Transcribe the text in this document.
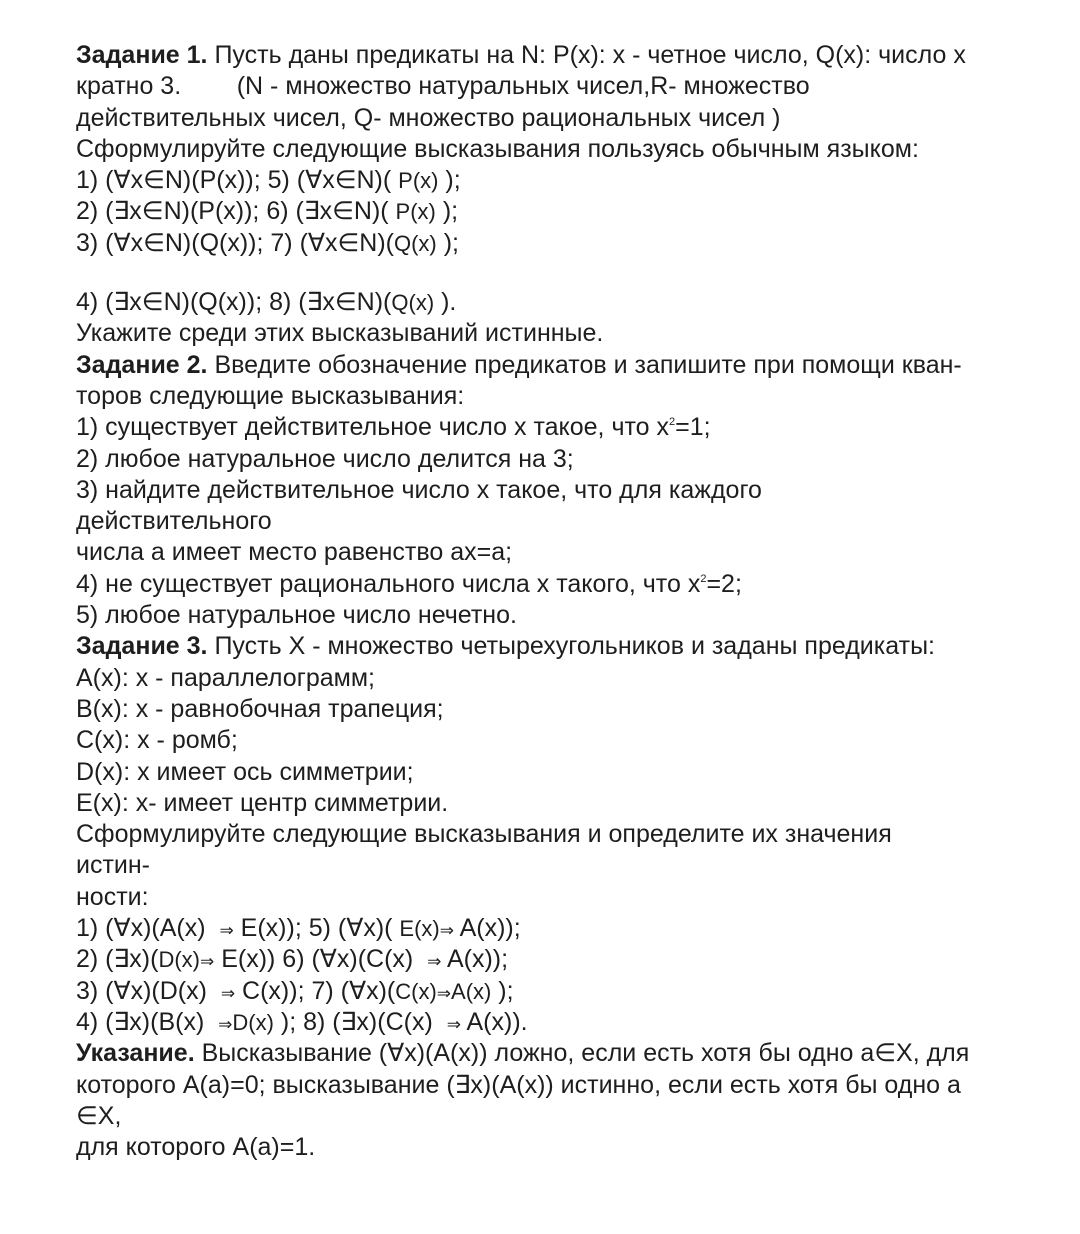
Задание 1. Пусть даны предикаты на N: P(x): x - четное число, Q(x): число x
кратно 3.        (N - множество натуральных чисел,R- множество
действительных чисел, Q- множество рациональных чисел )
Сформулируйте следующие высказывания пользуясь обычным языком:
1) (∀x∈N)(P(x)); 5) (∀x∈N)( P(x) );
2) (∃x∈N)(P(x)); 6) (∃x∈N)( P(x) );
3) (∀x∈N)(Q(x)); 7) (∀x∈N)(Q(x) );
4) (∃x∈N)(Q(x)); 8) (∃x∈N)(Q(x) ).
Укажите среди этих высказываний истинные.
Задание 2. Введите обозначение предикатов и запишите при помощи кван-
торов следующие высказывания:
1) существует действительное число x такое, что $x^2=1$;
2) любое натуральное число делится на 3;
3) найдите действительное число x такое, что для каждого
действительного
числа a имеет место равенство ax=a;
4) не существует рационального числа x такого, что $x^2=2$;
5) любое натуральное число нечетно.
Задание 3. Пусть X - множество четырехугольников и заданы предикаты:
A(x): x - параллелограмм;
B(x): x - равнобочная трапеция;
C(x): x - ромб;
D(x): x имеет ось симметрии;
E(x): x- имеет центр симметрии.
Сформулируйте следующие высказывания и определите их значения
истин-
ности:
1) (∀x)(A(x)  ⇒ E(x)); 5) (∀x)( E(x)⇒ A(x));
2) (∃x)(D(x)⇒ E(x)) 6) (∀x)(C(x)  ⇒ A(x));
3) (∀x)(D(x)  ⇒ C(x)); 7) (∀x)(C(x)⇒A(x) );
4) (∃x)(B(x)  ⇒D(x) ); 8) (∃x)(C(x)  ⇒ A(x)).
Указание. Высказывание (∀x)(A(x)) ложно, если есть хотя бы одно a∈X, для
которого A(a)=0; высказывание (∃x)(A(x)) истинно, если есть хотя бы одно a
∈X,
для которого A(a)=1.
